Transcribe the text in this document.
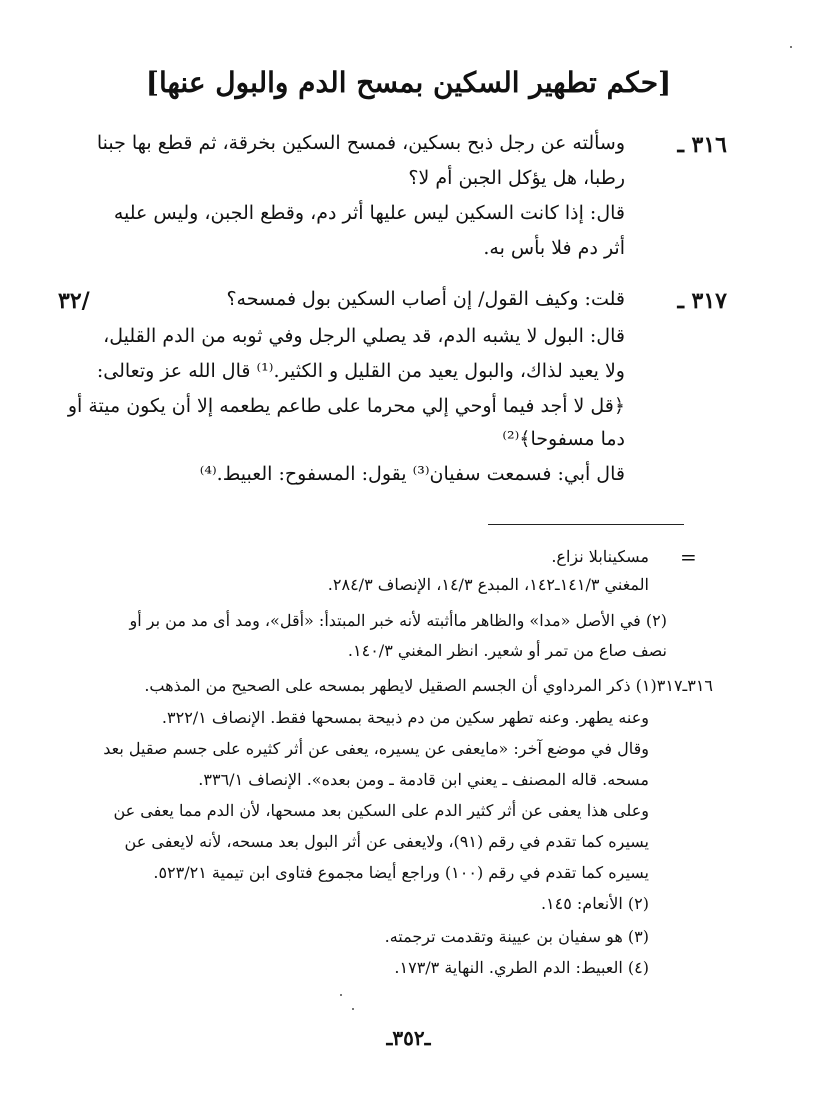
[حكم تطهير السكين بمسح الدم والبول عنها]
٣١٦ ـ
وسألته عن رجل ذبح بسكين، فمسح السكين بخرقة، ثم قطع بها جبنا
رطبا، هل يؤكل الجبن أم لا؟
قال: إذا كانت السكين ليس عليها أثر دم، وقطع الجبن، وليس عليه
أثر دم فلا بأس به.
/٣٢	٣١٧ ـ
قلت: وكيف القول/ إن أصاب السكين بول فمسحه؟
قال: البول لا يشبه الدم، قد يصلي الرجل وفي ثوبه من الدم القليل،
ولا يعيد لذاك، والبول يعيد من القليل و الكثير.⁽¹⁾ قال الله عز وتعالى:
﴿قل لا أجد فيما أوحي إلي محرما على طاعم يطعمه إلا أن يكون ميتة أو
دما مسفوحا﴾⁽²⁾
قال أبي: فسمعت سفيان⁽³⁾ يقول: المسفوح: العبيط.⁽⁴⁾
=
مسكينابلا نزاع.
المغني ١٤١/٣ـ١٤٢، المبدع ١٤/٣، الإنصاف ٢٨٤/٣.
(٢) في الأصل «مدا» والظاهر ماأثبته لأنه خبر المبتدأ: «أقل»، ومد أى مد من بر أو
نصف صاع من تمر أو شعير. انظر المغني ١٤٠/٣.
٣١٦ـ٣١٧(١) ذكر المرداوي أن الجسم الصقيل لايطهر بمسحه على الصحيح من المذهب.
وعنه يطهر. وعنه تطهر سكين من دم ذبيحة بمسحها فقط. الإنصاف ٣٢٢/١.
وقال في موضع آخر: «مايعفى عن يسيره، يعفى عن أثر كثيره على جسم صقيل بعد
مسحه. قاله المصنف ـ يعني ابن قادمة ـ ومن بعده». الإنصاف ٣٣٦/١.
وعلى هذا يعفى عن أثر كثير الدم على السكين بعد مسحها، لأن الدم مما يعفى عن
يسيره كما تقدم في رقم (٩١)، ولايعفى عن أثر البول بعد مسحه، لأنه لايعفى عن
يسيره كما تقدم في رقم (١٠٠) وراجع أيضا مجموع فتاوى ابن تيمية ٥٢٣/٢١.
(٢) الأنعام: ١٤٥.
(٣) هو سفيان بن عيينة وتقدمت ترجمته.
(٤) العبيط: الدم الطري. النهاية ١٧٣/٣.
ـ٣٥٢ـ
